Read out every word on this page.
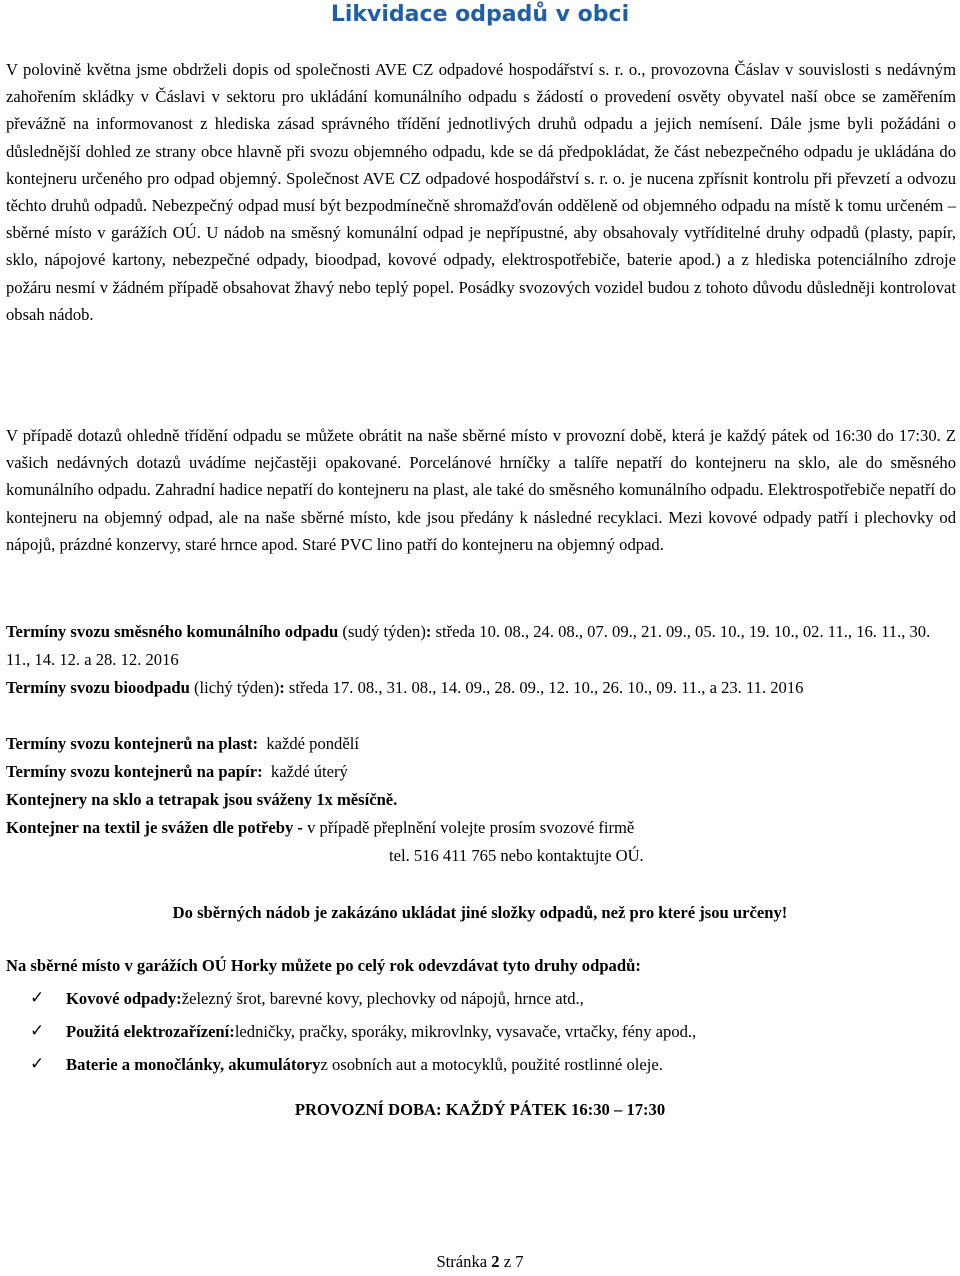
Likvidace odpadů v obci

V polovině května jsme obdrželi dopis od společnosti AVE CZ odpadové hospodářství s. r. o., provozovna Čáslav v souvislosti s nedávným zahořením skládky v Čáslavi v sektoru pro ukládání komunálního odpadu s žádostí o provedení osvěty obyvatel naší obce se zaměřením převážně na informovanost z hlediska zásad správného třídění jednotlivých druhů odpadu a jejich nemísení. Dále jsme byli požádáni o důslednější dohled ze strany obce hlavně při svozu objemného odpadu, kde se dá předpokládat, že část nebezpečného odpadu je ukládána do kontejneru určeného pro odpad objemný. Společnost AVE CZ odpadové hospodářství s. r. o. je nucena zpřísnit kontrolu při převzetí a odvozu těchto druhů odpadů. Nebezpečný odpad musí být bezpodmínečně shromažďován odděleně od objemného odpadu na místě k tomu určeném – sběrné místo v garážích OÚ. U nádob na směsný komunální odpad je nepřípustné, aby obsahovaly vytříditelné druhy odpadů (plasty, papír, sklo, nápojové kartony, nebezpečné odpady, bioodpad, kovové odpady, elektrospotřebiče, baterie apod.) a z hlediska potenciálního zdroje požáru nesmí v žádném případě obsahovat žhavý nebo teplý popel. Posádky svozových vozidel budou z tohoto důvodu důsledněji kontrolovat obsah nádob.

V případě dotazů ohledně třídění odpadu se můžete obrátit na naše sběrné místo v provozní době, která je každý pátek od 16:30 do 17:30. Z vašich nedávných dotazů uvádíme nejčastěji opakované. Porcelánové hrníčky a talíře nepatří do kontejneru na sklo, ale do směsného komunálního odpadu. Zahradní hadice nepatří do kontejneru na plast, ale také do směsného komunálního odpadu. Elektrospotřebiče nepatří do kontejneru na objemný odpad, ale na naše sběrné místo, kde jsou předány k následné recyklaci. Mezi kovové odpady patří i plechovky od nápojů, prázdné konzervy, staré hrnce apod. Staré PVC lino patří do kontejneru na objemný odpad.

Termíny svozu směsného komunálního odpadu (sudý týden): středa 10. 08., 24. 08., 07. 09., 21. 09., 05. 10., 19. 10., 02. 11., 16. 11., 30. 11., 14. 12. a 28. 12. 2016

Termíny svozu bioodpadu (lichý týden): středa 17. 08., 31. 08., 14. 09., 28. 09., 12. 10., 26. 10., 09. 11., a 23. 11. 2016

Termíny svozu kontejnerů na plast: každé pondělí

Termíny svozu kontejnerů na papír: každé úterý

Kontejnery na sklo a tetrapak jsou sváženy 1x měsíčně.

Kontejner na textil je svážen dle potřeby - v případě přeplnění volejte prosím svozové firmě

tel. 516 411 765 nebo kontaktujte OÚ.

Do sběrných nádob je zakázáno ukládat jiné složky odpadů, než pro které jsou určeny!

Na sběrné místo v garážích OÚ Horky můžete po celý rok odevzdávat tyto druhy odpadů:

✓	Kovové odpady: železný šrot, barevné kovy, plechovky od nápojů, hrnce atd.,
✓	Použitá elektrozařízení: ledničky, pračky, sporáky, mikrovlnky, vysavače, vrtačky, fény apod.,
✓	Baterie a monočlánky, akumulátory z osobních aut a motocyklů, použité rostlinné oleje.

PROVOZNÍ DOBA: KAŽDÝ PÁTEK 16:30 – 17:30

Stránka 2 z 7
